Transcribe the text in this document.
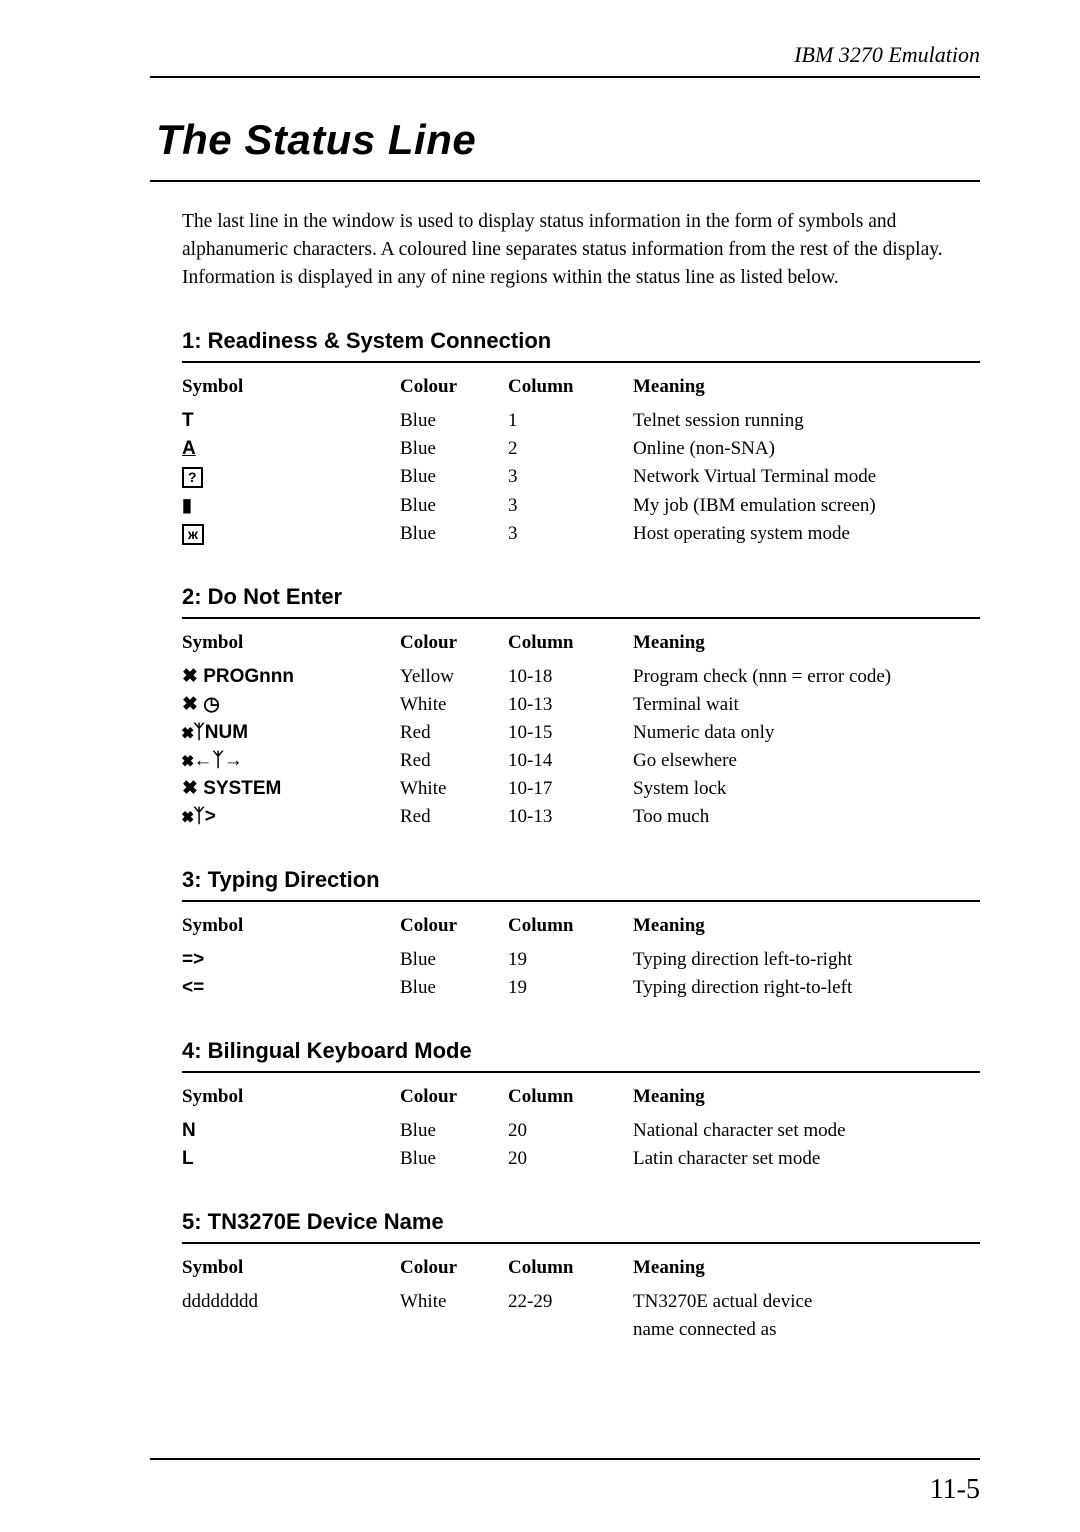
IBM 3270 Emulation
The Status Line

The last line in the window is used to display status information in the form of symbols and alphanumeric characters. A coloured line separates status information from the rest of the display. Information is displayed in any of nine regions within the status line as listed below.

1: Readiness & System Connection
Symbol	Colour	Column	Meaning
T	Blue	1	Telnet session running
A	Blue	2	Online (non-SNA)
?	Blue	3	Network Virtual Terminal mode
▮	Blue	3	My job (IBM emulation screen)
ж	Blue	3	Host operating system mode
2: Do Not Enter
Symbol	Colour	Column	Meaning
✖ PROGnnn	Yellow	10-18	Program check (nnn = error code)
✖ ◷	White	10-13	Terminal wait
✖ᛉNUM	Red	10-15	Numeric data only
✖←ᛉ→	Red	10-14	Go elsewhere
✖ SYSTEM	White	10-17	System lock
✖ᛉ>	Red	10-13	Too much
3: Typing Direction
Symbol	Colour	Column	Meaning
=>	Blue	19	Typing direction left-to-right
<=	Blue	19	Typing direction right-to-left
4: Bilingual Keyboard Mode
Symbol	Colour	Column	Meaning
N	Blue	20	National character set mode
L	Blue	20	Latin character set mode
5: TN3270E Device Name
Symbol	Colour	Column	Meaning
dddddddd	White	22-29	TN3270E actual device
name connected as
11-5
